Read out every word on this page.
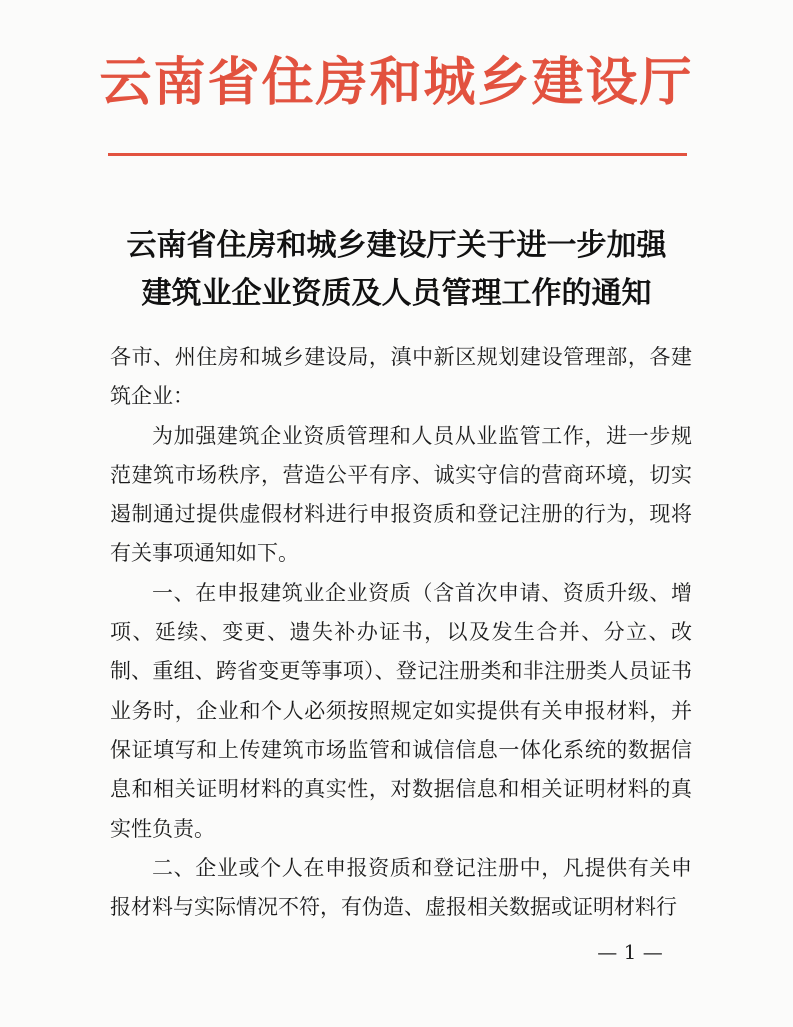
云南省住房和城乡建设厅
云南省住房和城乡建设厅关于进一步加强
建筑业企业资质及人员管理工作的通知

各市、州住房和城乡建设局，滇中新区规划建设管理部，各建筑企业：

为加强建筑企业资质管理和人员从业监管工作，进一步规范建筑市场秩序，营造公平有序、诚实守信的营商环境，切实遏制通过提供虚假材料进行申报资质和登记注册的行为，现将有关事项通知如下。

一、在申报建筑业企业资质（含首次申请、资质升级、增项、延续、变更、遗失补办证书，以及发生合并、分立、改制、重组、跨省变更等事项）、登记注册类和非注册类人员证书业务时，企业和个人必须按照规定如实提供有关申报材料，并保证填写和上传建筑市场监管和诚信信息一体化系统的数据信息和相关证明材料的真实性，对数据信息和相关证明材料的真实性负责。

二、企业或个人在申报资质和登记注册中，凡提供有关申报材料与实际情况不符，有伪造、虚报相关数据或证明材料行

— 1 —
